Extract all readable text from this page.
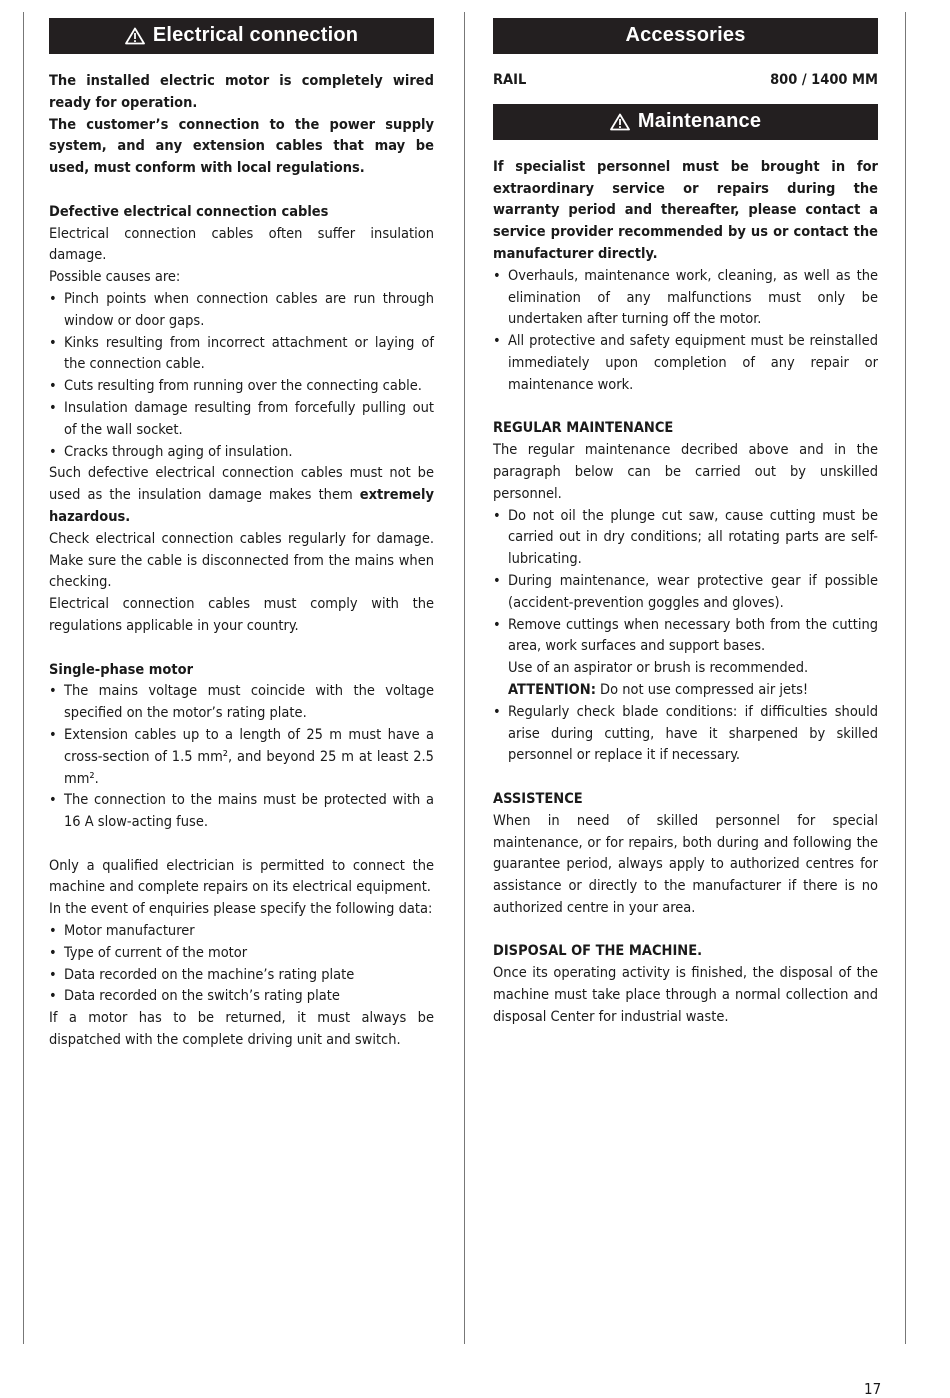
Electrical connection

The installed electric motor is completely wired ready for operation.

The customer’s connection to the power supply system, and any extension cables that may be used, must conform with local regulations.

Defective electrical connection cables

Electrical connection cables often suffer insulation damage.

Possible causes are:

• Pinch points when connection cables are run through window or door gaps.
• Kinks resulting from incorrect attachment or laying of the connection cable.
• Cuts resulting from running over the connecting cable.
• Insulation damage resulting from forcefully pulling out of the wall socket.
• Cracks through aging of insulation.

Such defective electrical connection cables must not be used as the insulation damage makes them extremely hazardous.

Check electrical connection cables regularly for damage. Make sure the cable is disconnected from the mains when checking.

Electrical connection cables must comply with the regulations applicable in your country.

Single-phase motor

• The mains voltage must coincide with the voltage specified on the motor’s rating plate.
• Extension cables up to a length of 25 m must have a cross-section of 1.5 mm², and beyond 25 m at least 2.5 mm².
• The connection to the mains must be protected with a 16 A slow-acting fuse.

Only a qualified electrician is permitted to connect the machine and complete repairs on its electrical equipment.

In the event of enquiries please specify the following data:

• Motor manufacturer
• Type of current of the motor
• Data recorded on the machine’s rating plate
• Data recorded on the switch’s rating plate

If a motor has to be returned, it must always be dispatched with the complete driving unit and switch.

Accessories
RAIL	800 / 1400 MM
Maintenance

If specialist personnel must be brought in for extraordinary service or repairs during the warranty period and thereafter, please contact a service provider recommended by us or contact the manufacturer directly.

• Overhauls, maintenance work, cleaning, as well as the elimination of any malfunctions must only be undertaken after turning off the motor.
• All protective and safety equipment must be reinstalled immediately upon completion of any repair or maintenance work.

REGULAR MAINTENANCE

The regular maintenance decribed above and in the paragraph below can be carried out by unskilled personnel.

• Do not oil the plunge cut saw, cause cutting must be carried out in dry conditions; all rotating parts are self-lubricating.
• During maintenance, wear protective gear if possible (accident-prevention goggles and gloves).
• Remove cuttings when necessary both from the cutting area, work surfaces and support bases.
Use of an aspirator or brush is recommended.
ATTENTION: Do not use compressed air jets!
• Regularly check blade conditions: if difficulties should arise during cutting, have it sharpened by skilled personnel or replace it if necessary.

ASSISTENCE

When in need of skilled personnel for special maintenance, or for repairs, both during and following the guarantee period, always apply to authorized centres for assistance or directly to the manufacturer if there is no authorized centre in your area.

DISPOSAL OF THE MACHINE.

Once its operating activity is finished, the disposal of the machine must take place through a normal collection and disposal Center for industrial waste.

17
